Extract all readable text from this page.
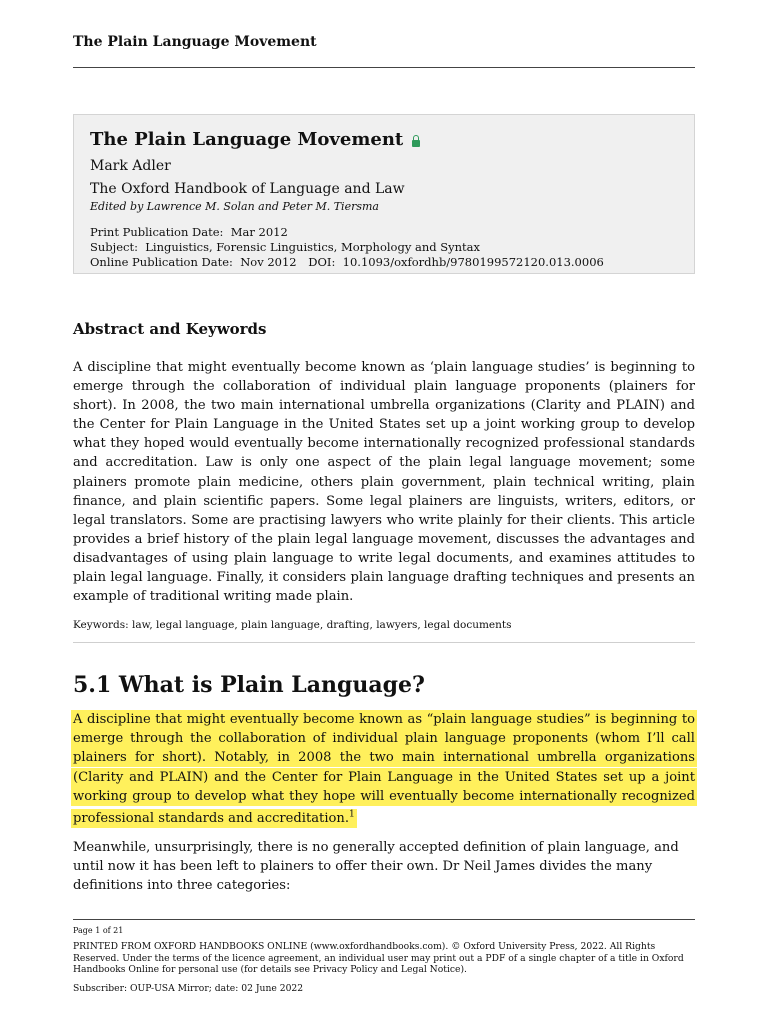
The Plain Language Movement
The Plain Language Movement
Mark Adler
The Oxford Handbook of Language and Law
Edited by Lawrence M. Solan and Peter M. Tiersma
Print Publication Date: Mar 2012
Subject: Linguistics, Forensic Linguistics, Morphology and Syntax
Online Publication Date: Nov 2012 DOI: 10.1093/oxfordhb/9780199572120.013.0006
Abstract and Keywords

A discipline that might eventually become known as ‘plain language studies’ is beginning to emerge through the collaboration of individual plain language proponents (plainers for short). In 2008, the two main international umbrella organizations (Clarity and PLAIN) and the Center for Plain Language in the United States set up a joint working group to develop what they hoped would eventually become internationally recognized professional standards and accreditation. Law is only one aspect of the plain legal language movement; some plainers promote plain medicine, others plain government, plain technical writing, plain finance, and plain scientific papers. Some legal plainers are linguists, writers, editors, or legal translators. Some are practising lawyers who write plainly for their clients. This article provides a brief history of the plain legal language movement, discusses the advantages and disadvantages of using plain language to write legal documents, and examines attitudes to plain legal language. Finally, it considers plain language drafting techniques and presents an example of traditional writing made plain.

Keywords: law, legal language, plain language, drafting, lawyers, legal documents
5.1 What is Plain Language?

A discipline that might eventually become known as “plain language studies” is beginning to emerge through the collaboration of individual plain language proponents (whom I’ll call plainers for short). Notably, in 2008 the two main international umbrella organizations (Clarity and PLAIN) and the Center for Plain Language in the United States set up a joint working group to develop what they hope will eventually become internationally recognized professional standards and accreditation.$^1$

Meanwhile, unsurprisingly, there is no generally accepted definition of plain language, and until now it has been left to plainers to offer their own. Dr Neil James divides the many definitions into three categories:

Page 1 of 21

PRINTED FROM OXFORD HANDBOOKS ONLINE (www.oxfordhandbooks.com). © Oxford University Press, 2022. All Rights Reserved. Under the terms of the licence agreement, an individual user may print out a PDF of a single chapter of a title in Oxford Handbooks Online for personal use (for details see Privacy Policy and Legal Notice).

Subscriber: OUP-USA Mirror; date: 02 June 2022
